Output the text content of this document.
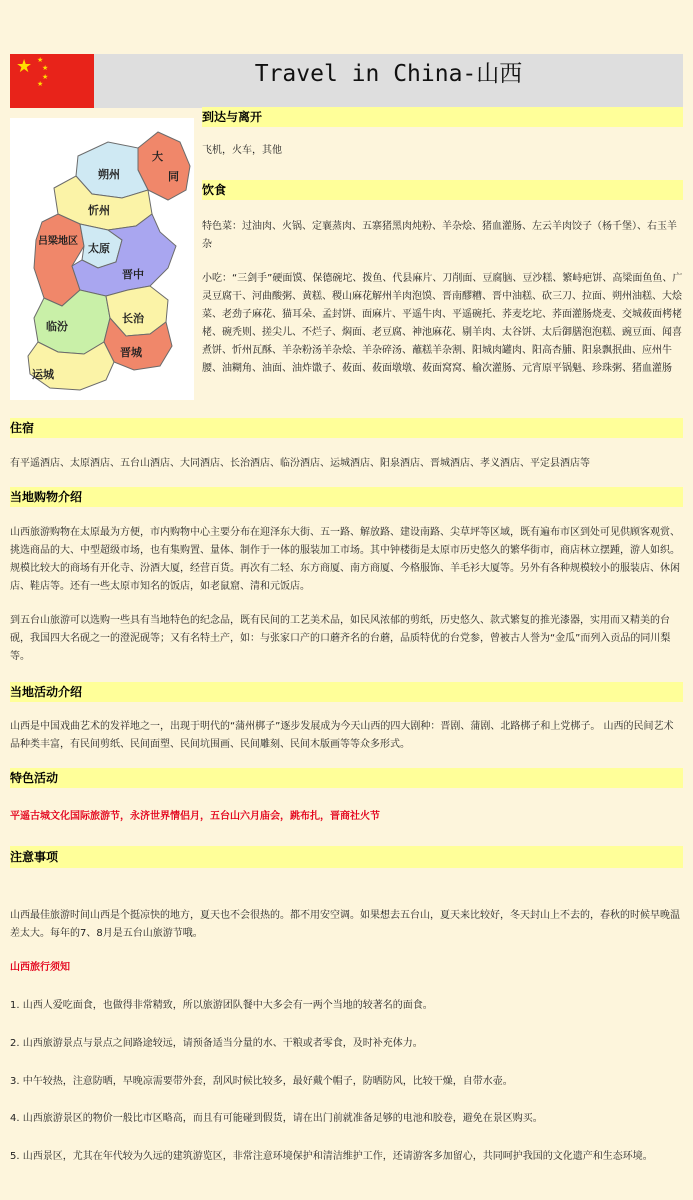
★ ★
★
★
★	Travel in China-山西
大
同
朔州
忻州
吕梁地区
太原
晋中
临汾
长治
晋城
运城
到达与离开
飞机，火车，其他
饮食
特色菜：过油肉、火锅、定襄蒸肉、五寨猪黑肉炖粉、羊杂烩、猪血灌肠、左云羊肉饺子（杨千堡）、右玉羊杂
小吃：“三剑手”硬面馍、保德碗坨、拨鱼、代县麻片、刀削面、豆腐脑、豆沙糕、繁峙疤饼、高梁面鱼鱼、广灵豆腐干、河曲酸粥、黄糕、稷山麻花解州羊肉泡馍、晋南醪糟、晋中油糕、砍三刀、拉面、朔州油糕、大烩菜、老劲子麻花、猫耳朵、孟封饼、面麻片、平遥牛肉、平遥碗托、荞麦圪坨、荞面灌肠烧麦、交城莜面栲栳栳、碗秃则、搓尖儿、不烂子、焖面、老豆腐、神池麻花、剔羊肉、太谷饼、太后御膳泡泡糕、豌豆面、闻喜煮饼、忻州瓦酥、羊杂粉汤羊杂烩、羊杂碎汤、蘸糕羊杂割、阳城肉罐肉、阳高杏脯、阳泉飘抿曲、应州牛腰、油糊角、油面、油炸馓子、莜面、莜面墩墩、莜面窝窝、榆次灌肠、元宵原平锅魁、珍珠粥、猪血灌肠
住宿
有平遥酒店、太原酒店、五台山酒店、大同酒店、长治酒店、临汾酒店、运城酒店、阳泉酒店、晋城酒店、孝义酒店、平定县酒店等
当地购物介绍
山西旅游购物在太原最为方便，市内购物中心主要分布在迎泽东大街、五一路、解放路、建设南路、尖草坪等区域，既有遍布市区到处可见供顾客观赏、挑选商品的大、中型超级市场，也有集购置、量体、制作于一体的服装加工市场。其中钟楼街是太原市历史悠久的繁华街市，商店林立摆踵，游人如织。规模比较大的商场有开化寺、汾酒大厦，经营百货。再次有二轻、东方商厦、南方商厦、今格服饰、羊毛衫大厦等。另外有各种规模较小的服装店、休闲店、鞋店等。还有一些太原市知名的饭店，如老鼠窟、清和元饭店。
到五台山旅游可以选购一些具有当地特色的纪念品，既有民间的工艺美术品，如民风浓郁的剪纸，历史悠久、款式繁复的推光漆器，实用而又精美的台砚，我国四大名砚之一的澄泥砚等；又有名特土产，如：与张家口产的口蘑齐名的台蘑，品质特优的台党参，曾被古人誉为“金瓜”而列入贡品的同川梨等。
当地活动介绍
山西是中国戏曲艺术的发祥地之一，出现于明代的“蒲州梆子”逐步发展成为今天山西的四大剧种：晋剧、蒲剧、北路梆子和上党梆子。 山西的民间艺术品种类丰富，有民间剪纸、民间面塑、民间坑围画、民间雕刻、民间木版画等等众多形式。
特色活动
平遥古城文化国际旅游节，永济世界情侣月，五台山六月庙会，跳布扎，晋商社火节
注意事项
山西最佳旅游时间山西是个挺凉快的地方，夏天也不会很热的。都不用安空调。如果想去五台山，夏天来比较好，冬天封山上不去的，春秋的时候早晚温差太大。每年的7、8月是五台山旅游节哦。
山西旅行须知
1. 山西人爱吃面食，也做得非常精致，所以旅游团队餐中大多会有一两个当地的较著名的面食。
2. 山西旅游景点与景点之间路途较远，请预备适当分量的水、干粮或者零食，及时补充体力。
3. 中午较热，注意防晒，早晚凉需要带外套，刮风时候比较多，最好戴个帽子，防晒防风，比较干燥，自带水壶。
4. 山西旅游景区的物价一般比市区略高，而且有可能碰到假货，请在出门前就准备足够的电池和胶卷，避免在景区购买。
5. 山西景区，尤其在年代较为久远的建筑游览区，非常注意环境保护和清洁维护工作，还请游客多加留心，共同呵护我国的文化遗产和生态环境。
